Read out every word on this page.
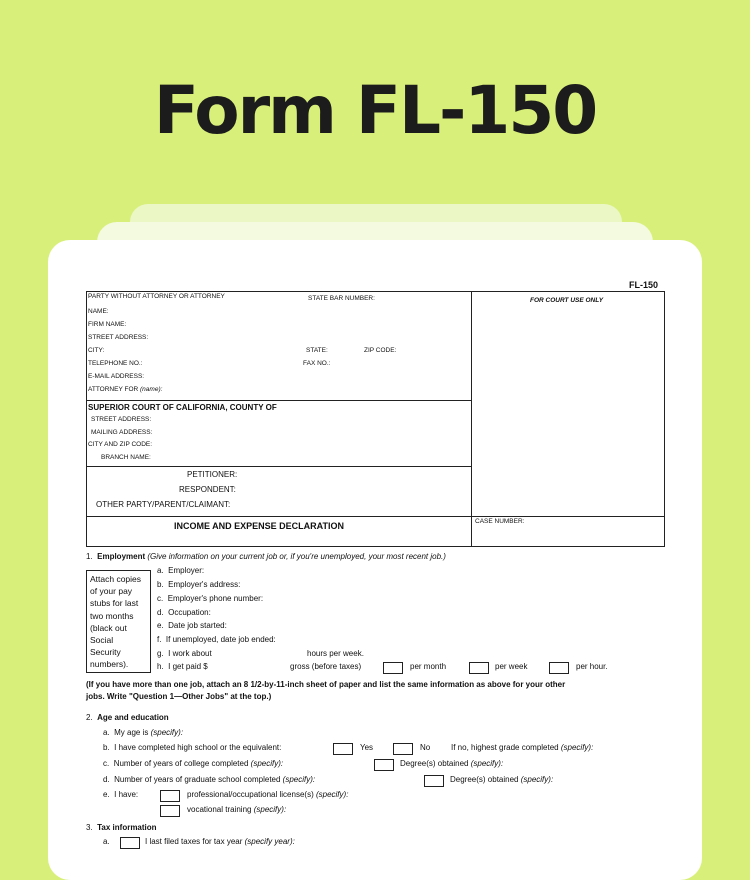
Form FL-150
FL-150
FOR COURT USE ONLY
PARTY WITHOUT ATTORNEY OR ATTORNEY	STATE BAR NUMBER:
NAME:
FIRM NAME:
STREET ADDRESS:
CITY:	STATE:	ZIP CODE:
TELEPHONE NO.:	FAX NO.:
E-MAIL ADDRESS:
ATTORNEY FOR (name):
SUPERIOR COURT OF CALIFORNIA, COUNTY OF
STREET ADDRESS:
MAILING ADDRESS:
CITY AND ZIP CODE:
BRANCH NAME:
PETITIONER:
RESPONDENT:
OTHER PARTY/PARENT/CLAIMANT:
INCOME AND EXPENSE DECLARATION	CASE NUMBER:
1. Employment (Give information on your current job or, if you're unemployed, your most recent job.)
Attach copies
of your pay
stubs for last
two months
(black out
Social
Security
numbers).
a. Employer:
b. Employer's address:
c. Employer's phone number:
d. Occupation:
e. Date job started:
f. If unemployed, date job ended:
g. I work about	hours per week.
h. I get paid $	gross (before taxes)	per month	per week	per hour.
(If you have more than one job, attach an 8 1/2-by-11-inch sheet of paper and list the same information as above for your other
jobs. Write "Question 1—Other Jobs" at the top.)
2. Age and education
a. My age is (specify):
b. I have completed high school or the equivalent:	Yes	No	If no, highest grade completed (specify):
c. Number of years of college completed (specify):	Degree(s) obtained (specify):
d. Number of years of graduate school completed (specify):	Degree(s) obtained (specify):
e. I have:	professional/occupational license(s) (specify):
vocational training (specify):
3. Tax information
a.	I last filed taxes for tax year (specify year):
